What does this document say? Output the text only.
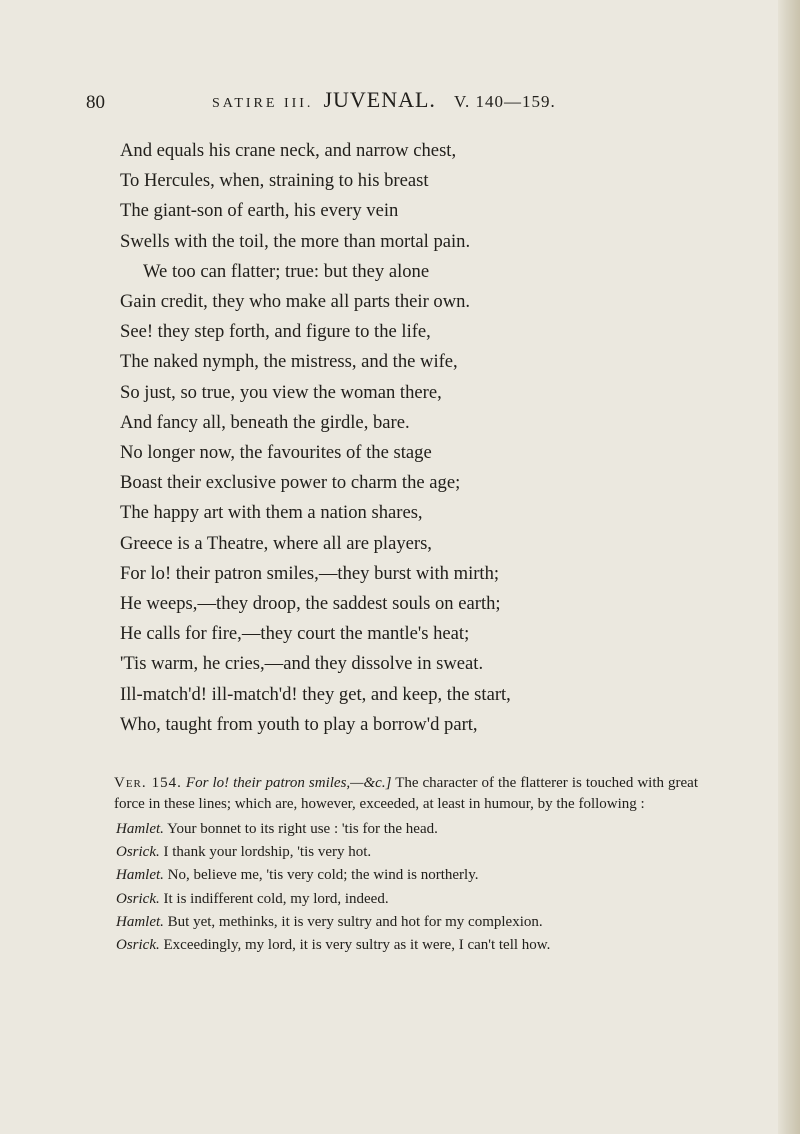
80	SATIRE III. JUVENAL. V. 140—159.
And equals his crane neck, and narrow chest,
To Hercules, when, straining to his breast
The giant-son of earth, his every vein
Swells with the toil, the more than mortal pain.
We too can flatter; true: but they alone
Gain credit, they who make all parts their own.
See! they step forth, and figure to the life,
The naked nymph, the mistress, and the wife,
So just, so true, you view the woman there,
And fancy all, beneath the girdle, bare.
No longer now, the favourites of the stage
Boast their exclusive power to charm the age;
The happy art with them a nation shares,
Greece is a Theatre, where all are players,
For lo! their patron smiles,—they burst with mirth;
He weeps,—they droop, the saddest souls on earth;
He calls for fire,—they court the mantle's heat;
'Tis warm, he cries,—and they dissolve in sweat.
Ill-match'd! ill-match'd! they get, and keep, the start,
Who, taught from youth to play a borrow'd part,
Ver. 154. For lo! their patron smiles,—&c.] The character of the flatterer is touched with great force in these lines; which are, however, exceeded, at least in humour, by the following :
Hamlet. Your bonnet to its right use : 'tis for the head.
Osrick. I thank your lordship, 'tis very hot.
Hamlet. No, believe me, 'tis very cold; the wind is northerly.
Osrick. It is indifferent cold, my lord, indeed.
Hamlet. But yet, methinks, it is very sultry and hot for my complexion.
Osrick. Exceedingly, my lord, it is very sultry as it were, I can't tell how.
